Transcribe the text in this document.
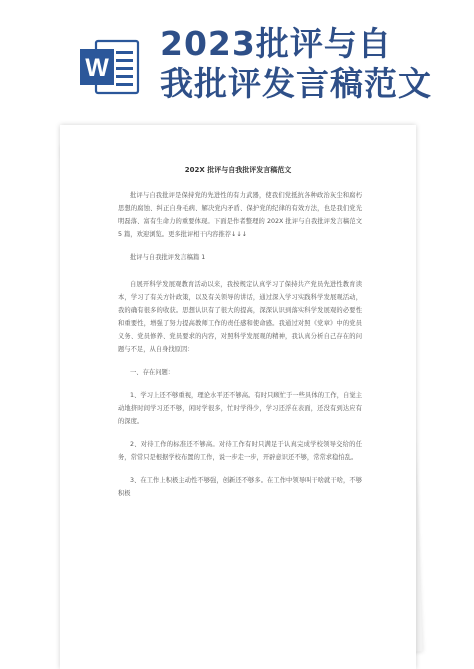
W
2023批评与自
我批评发言稿范文
202X 批评与自我批评发言稿范文

批评与自我批评是保持党的先进性的有力武器，使我们党抵抗各种政治灰尘和腐朽思想的腐蚀、纠正自身毛病、解决党内矛盾、保护党的纪律的有效方法，也是我们党光明磊落、富有生命力的重要体现。下面是作者整理的 202X 批评与自我批评发言稿范文 5 篇，欢迎浏览。更多批评相干内容推荐↓↓↓

批评与自我批评发言稿篇 1

自展开科学发展观教育活动以来，我按规定认真学习了保持共产党员先进性教育读本，学习了有关方针政策，以及有关领导的讲话，通过深入学习实践科学发展观活动，我的确有很多的收获。思想认识有了很大的提高，深深认识到落实科学发展观的必要性和重要性，增强了努力提高教师工作的责任感和使命感。我通过对照《党章》中的党员义务、党员修养、党员要求的内容，对照科学发展观的精神，我认真分析自己存在的问题与不足，从自身找原因：

一、存在问题：

1、学习上还不够重视，理论水平还不够高。有时只顾忙于一些具体的工作，自觉主动地挤时间学习还不够，闲时学很多，忙时学得少，学习还浮在表面，还没有到达应有的深度。

2、对待工作的标准还不够高。对待工作有时只满足于认真完成学校领导交给的任务，常常只是根据学校布置的工作，说一步走一步，开辟意识还不够，常常求稳怕乱。

3、在工作上积极主动性不够强，创新还不够多。在工作中领导叫干啥就干啥，不够积极
